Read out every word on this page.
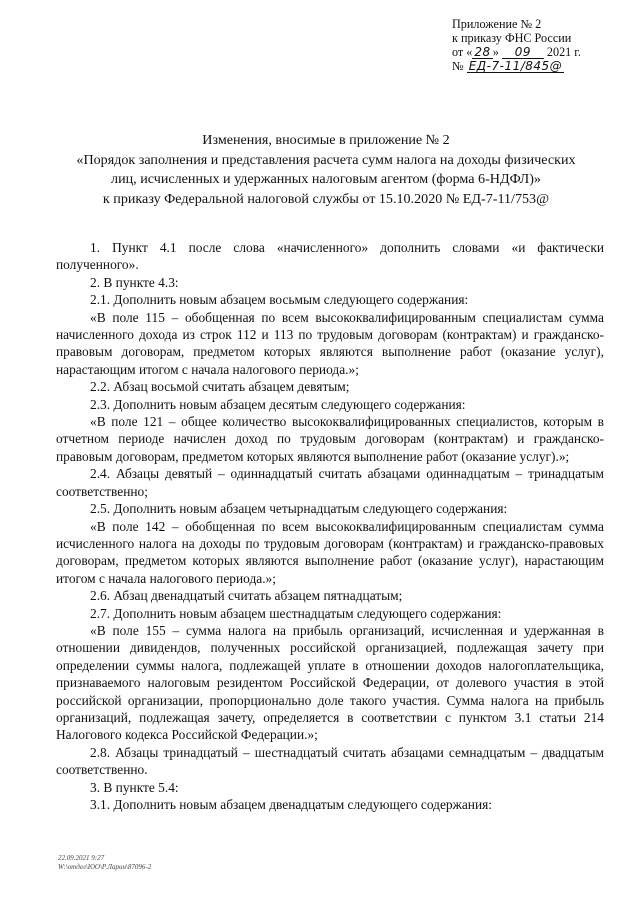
Приложение № 2
к приказу ФНС России
от « 28 » 09 2021 г.
№ ЕД-7-11/845@
Изменения, вносимые в приложение № 2
«Порядок заполнения и представления расчета сумм налога на доходы физических
лиц, исчисленных и удержанных налоговым агентом (форма 6-НДФЛ)»
к приказу Федеральной налоговой службы от 15.10.2020 № ЕД-7-11/753@

1. Пункт 4.1 после слова «начисленного» дополнить словами «и фактически полученного».

2. В пункте 4.3:

2.1. Дополнить новым абзацем восьмым следующего содержания:

«В поле 115 – обобщенная по всем высококвалифицированным специалистам сумма начисленного дохода из строк 112 и 113 по трудовым договорам (контрактам) и гражданско-правовым договорам, предметом которых являются выполнение работ (оказание услуг), нарастающим итогом с начала налогового периода.»;

2.2. Абзац восьмой считать абзацем девятым;

2.3. Дополнить новым абзацем десятым следующего содержания:

«В поле 121 – общее количество высококвалифицированных специалистов, которым в отчетном периоде начислен доход по трудовым договорам (контрактам) и гражданско-правовым договорам, предметом которых являются выполнение работ (оказание услуг).»;

2.4. Абзацы девятый – одиннадцатый считать абзацами одиннадцатым – тринадцатым соответственно;

2.5. Дополнить новым абзацем четырнадцатым следующего содержания:

«В поле 142 – обобщенная по всем высококвалифицированным специалистам сумма исчисленного налога на доходы по трудовым договорам (контрактам) и гражданско-правовых договорам, предметом которых являются выполнение работ (оказание услуг), нарастающим итогом с начала налогового периода.»;

2.6. Абзац двенадцатый считать абзацем пятнадцатым;

2.7. Дополнить новым абзацем шестнадцатым следующего содержания:

«В поле 155 – сумма налога на прибыль организаций, исчисленная и удержанная в отношении дивидендов, полученных российской организацией, подлежащая зачету при определении суммы налога, подлежащей уплате в отношении доходов налогоплательщика, признаваемого налоговым резидентом Российской Федерации, от долевого участия в этой российской организации, пропорционально доле такого участия. Сумма налога на прибыль организаций, подлежащая зачету, определяется в соответствии с пунктом 3.1 статьи 214 Налогового кодекса Российской Федерации.»;

2.8. Абзацы тринадцатый – шестнадцатый считать абзацами семнадцатым – двадцатым соответственно.

3. В пункте 5.4:

3.1. Дополнить новым абзацем двенадцатым следующего содержания:

22.09.2021 9:27
W:\отдел\ЮО\Р.Ларин\87096-2
